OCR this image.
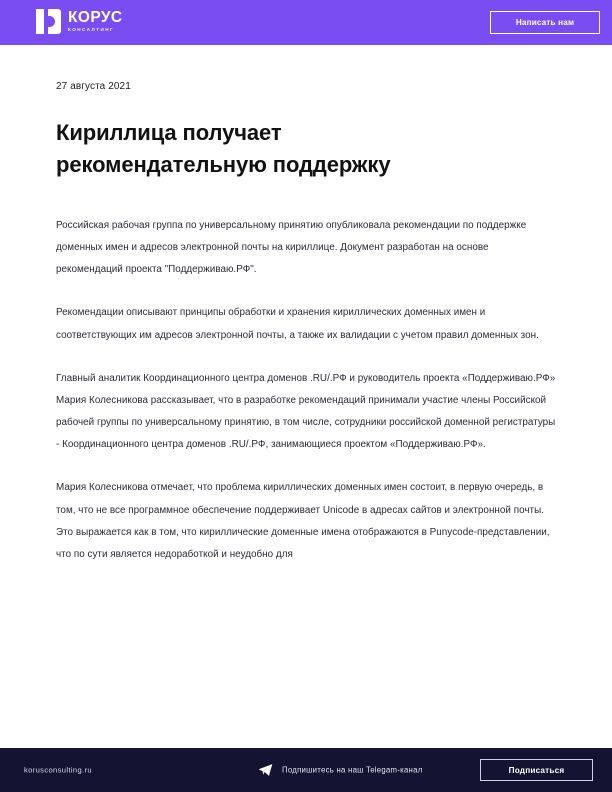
КОРУС
КОНСАЛТИНГ
Написать нам
27 августа 2021
Кириллица получает рекомендательную поддержку

Российская рабочая группа по универсальному принятию опубликовала рекомендации по поддержке доменных имен и адресов электронной почты на кириллице. Документ разработан на основе рекомендаций проекта "Поддерживаю.РФ".

Рекомендации описывают принципы обработки и хранения кириллических доменных имен и соответствующих им адресов электронной почты, а также их валидации с учетом правил доменных зон.

Главный аналитик Координационного центра доменов .RU/.РФ и руководитель проекта «Поддерживаю.РФ» Мария Колесникова рассказывает, что в разработке рекомендаций принимали участие члены Российской рабочей группы по универсальному принятию, в том числе, сотрудники российской доменной регистратуры - Координационного центра доменов .RU/.РФ, занимающиеся проектом «Поддерживаю.РФ».

Мария Колесникова отмечает, что проблема кириллических доменных имен состоит, в первую очередь, в том, что не все программное обеспечение поддерживает Unicode в адресах сайтов и электронной почты. Это выражается как в том, что кириллические доменные имена отображаются в Punycode-представлении, что по сути является недоработкой и неудобно для

korusconsulting.ru	Подпишитесь на наш Telegam-канал	Подписаться
